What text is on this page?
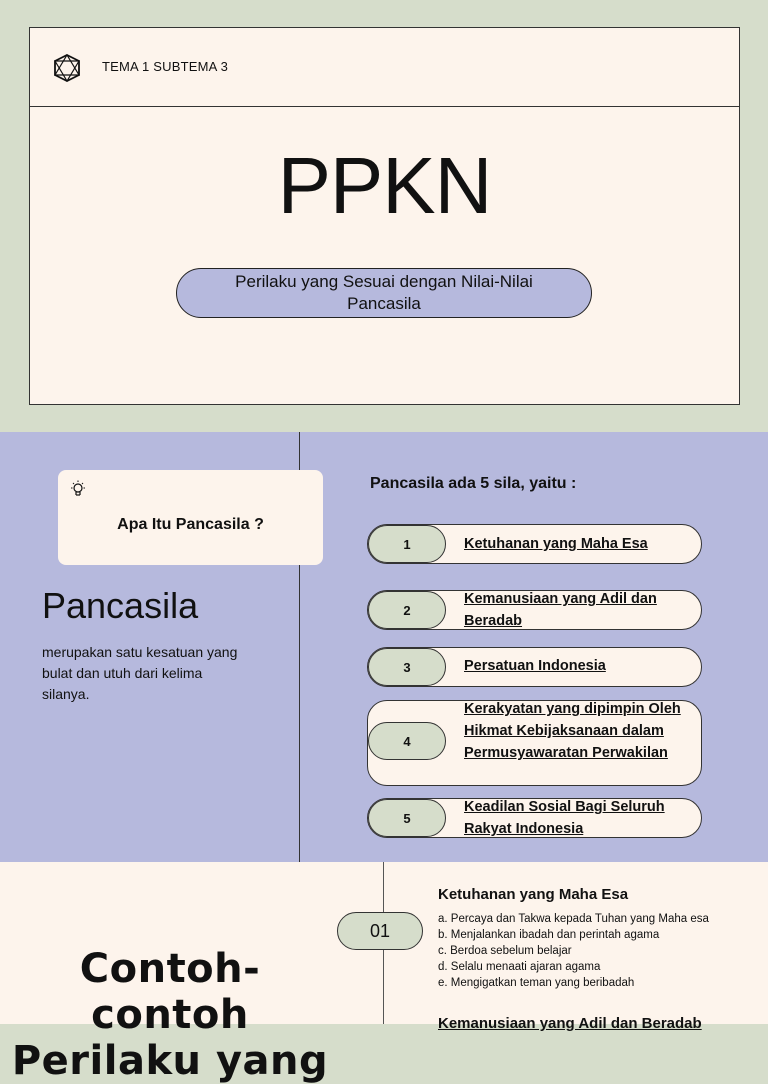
TEMA 1 SUBTEMA 3
PPKN
Perilaku yang Sesuai dengan Nilai-Nilai Pancasila
Apa Itu Pancasila ?
Pancasila

merupakan satu kesatuan yang bulat dan utuh dari kelima silanya.

Pancasila ada 5 sila, yaitu :
1	Ketuhanan yang Maha Esa
2
Kemanusiaan yang Adil dan Beradab
3	Persatuan Indonesia
4
Kerakyatan yang dipimpin Oleh Hikmat Kebijaksanaan dalam Permusyawaratan Perwakilan
5
Keadilan Sosial Bagi Seluruh Rakyat Indonesia
Contoh-contoh Perilaku yang
01
Ketuhanan yang Maha Esa
a. Percaya dan Takwa kepada Tuhan yang Maha esa
b. Menjalankan ibadah dan perintah agama
c. Berdoa sebelum belajar
d. Selalu menaati ajaran agama
e. Mengigatkan teman yang beribadah
Kemanusiaan yang Adil dan Beradab
